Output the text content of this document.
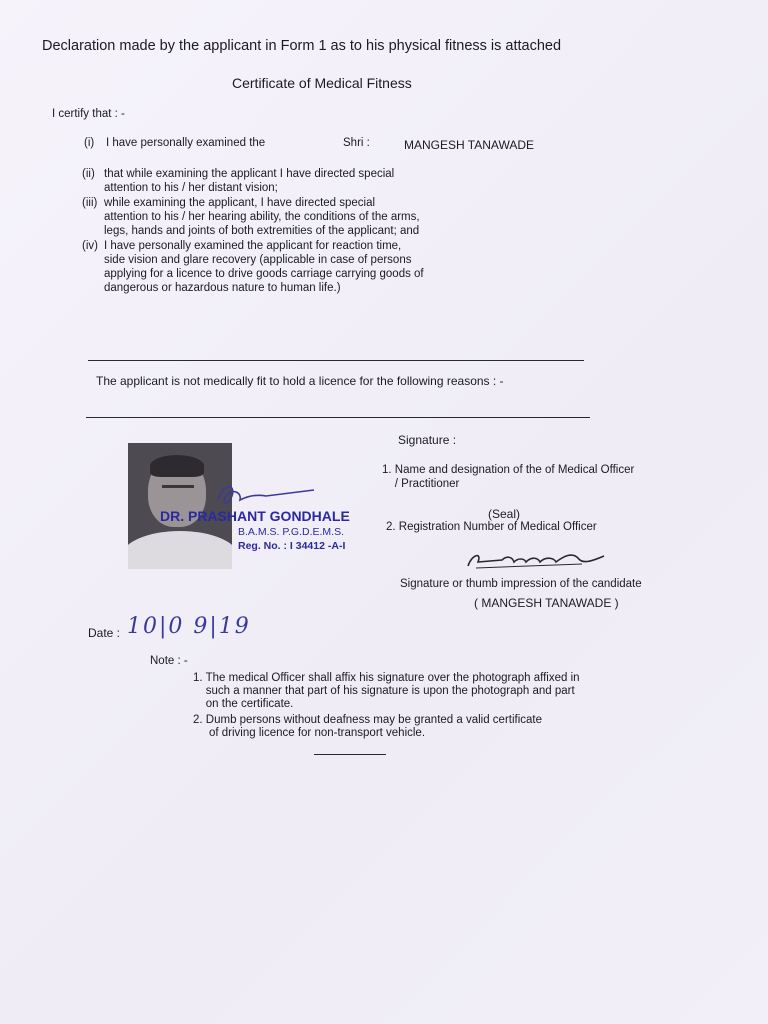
Declaration made by the applicant in Form 1 as to his physical fitness is attached
Certificate of Medical Fitness
I certify that : -
(i) I have personally examined the	Shri :	MANGESH TANAWADE
(ii) that while examining the applicant I have directed special
attention to his / her distant vision;
(iii) while examining the applicant, I have directed special
attention to his / her hearing ability, the conditions of the arms,
legs, hands and joints of both extremities of the applicant; and
(iv) I have personally examined the applicant for reaction time,
side vision and glare recovery (applicable in case of persons
applying for a licence to drive goods carriage carrying goods of
dangerous or hazardous nature to human life.)
The applicant is not medically fit to hold a licence for the following reasons : -
DR. PRASHANT GONDHALE
B.A.M.S. P.G.D.E.M.S.
Reg. No. : I 34412 -A-I
Signature :
1. Name and designation of the of Medical Officer
/ Practitioner
(Seal)
2. Registration Number of Medical Officer
Signature or thumb impression of the candidate
( MANGESH TANAWADE )
Date : 10|0 9|19
Note : -
1. The medical Officer shall affix his signature over the photograph affixed in
such a manner that part of his signature is upon the photograph and part
on the certificate.
2. Dumb persons without deafness may be granted a valid certificate
of driving licence for non-transport vehicle.
